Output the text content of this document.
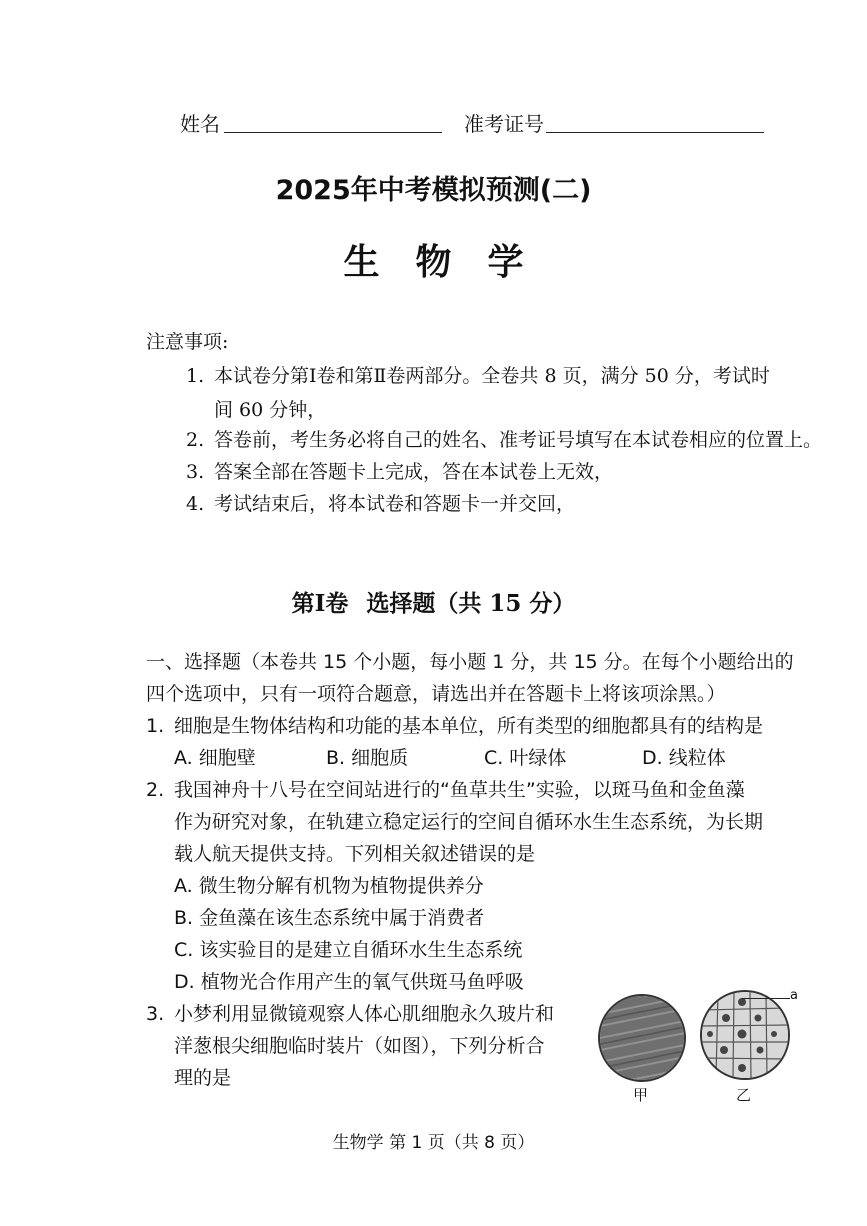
姓名	准考证号
2025年中考模拟预测(二)
生物学
注意事项:
1. 本试卷分第Ⅰ卷和第Ⅱ卷两部分。全卷共 8 页，满分 50 分，考试时
间 60 分钟，
2. 答卷前，考生务必将自己的姓名、准考证号填写在本试卷相应的位置上。
3. 答案全部在答题卡上完成，答在本试卷上无效，
4. 考试结束后，将本试卷和答题卡一并交回，
第Ⅰ卷 选择题（共 15 分）
一、选择题（本卷共 15 个小题，每小题 1 分，共 15 分。在每个小题给出的
四个选项中，只有一项符合题意，请选出并在答题卡上将该项涂黑。）
1. 细胞是生物体结构和功能的基本单位，所有类型的细胞都具有的结构是
A. 细胞壁	B. 细胞质	C. 叶绿体	D. 线粒体
2. 我国神舟十八号在空间站进行的“鱼草共生”实验，以斑马鱼和金鱼藻
作为研究对象，在轨建立稳定运行的空间自循环水生生态系统，为长期
载人航天提供支持。下列相关叙述错误的是
A. 微生物分解有机物为植物提供养分
B. 金鱼藻在该生态系统中属于消费者
C. 该实验目的是建立自循环水生生态系统
D. 植物光合作用产生的氧气供斑马鱼呼吸
3. 小梦利用显微镜观察人体心肌细胞永久玻片和
洋葱根尖细胞临时装片（如图），下列分析合
理的是
甲
a
乙
生物学 第 1 页（共 8 页）
